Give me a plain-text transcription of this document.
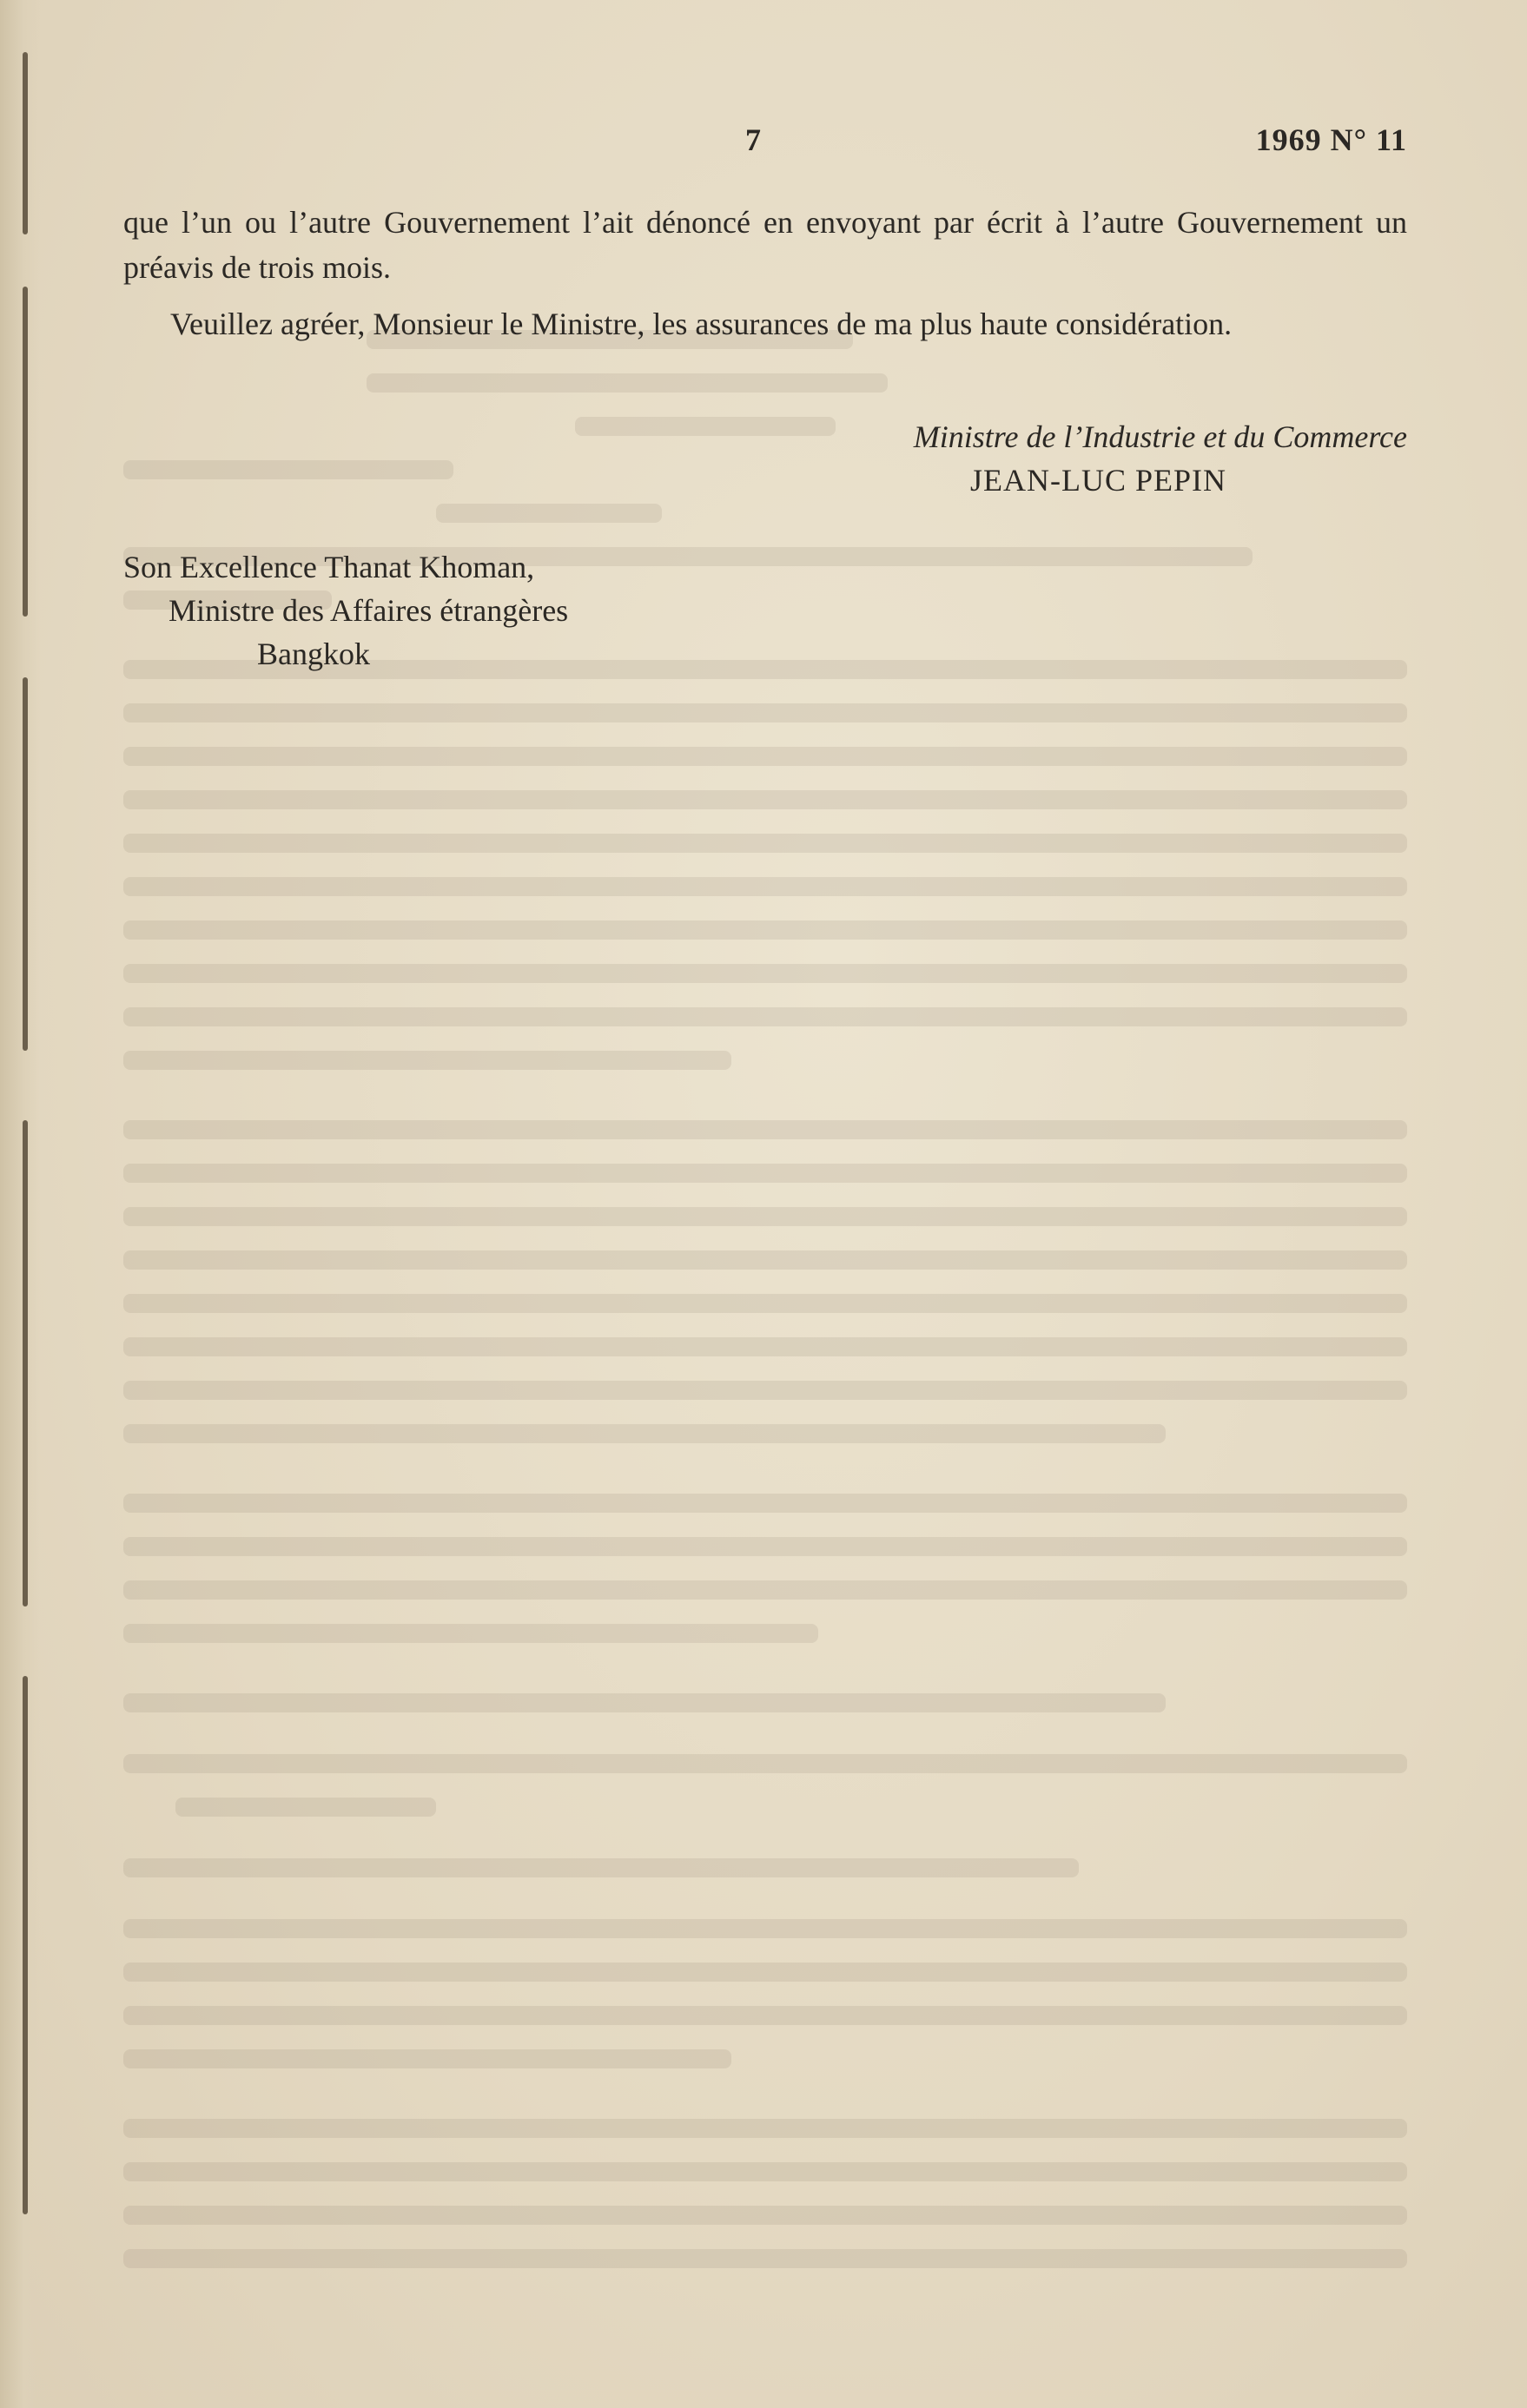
7	1969 N° 11

que l’un ou l’autre Gouvernement l’ait dénoncé en envoyant par écrit à l’autre Gouvernement un préavis de trois mois.

Veuillez agréer, Monsieur le Ministre, les assurances de ma plus haute considération.

Ministre de l’Industrie et du Commerce
JEAN-LUC PEPIN
Son Excellence Thanat Khoman,
Ministre des Affaires étrangères
Bangkok
